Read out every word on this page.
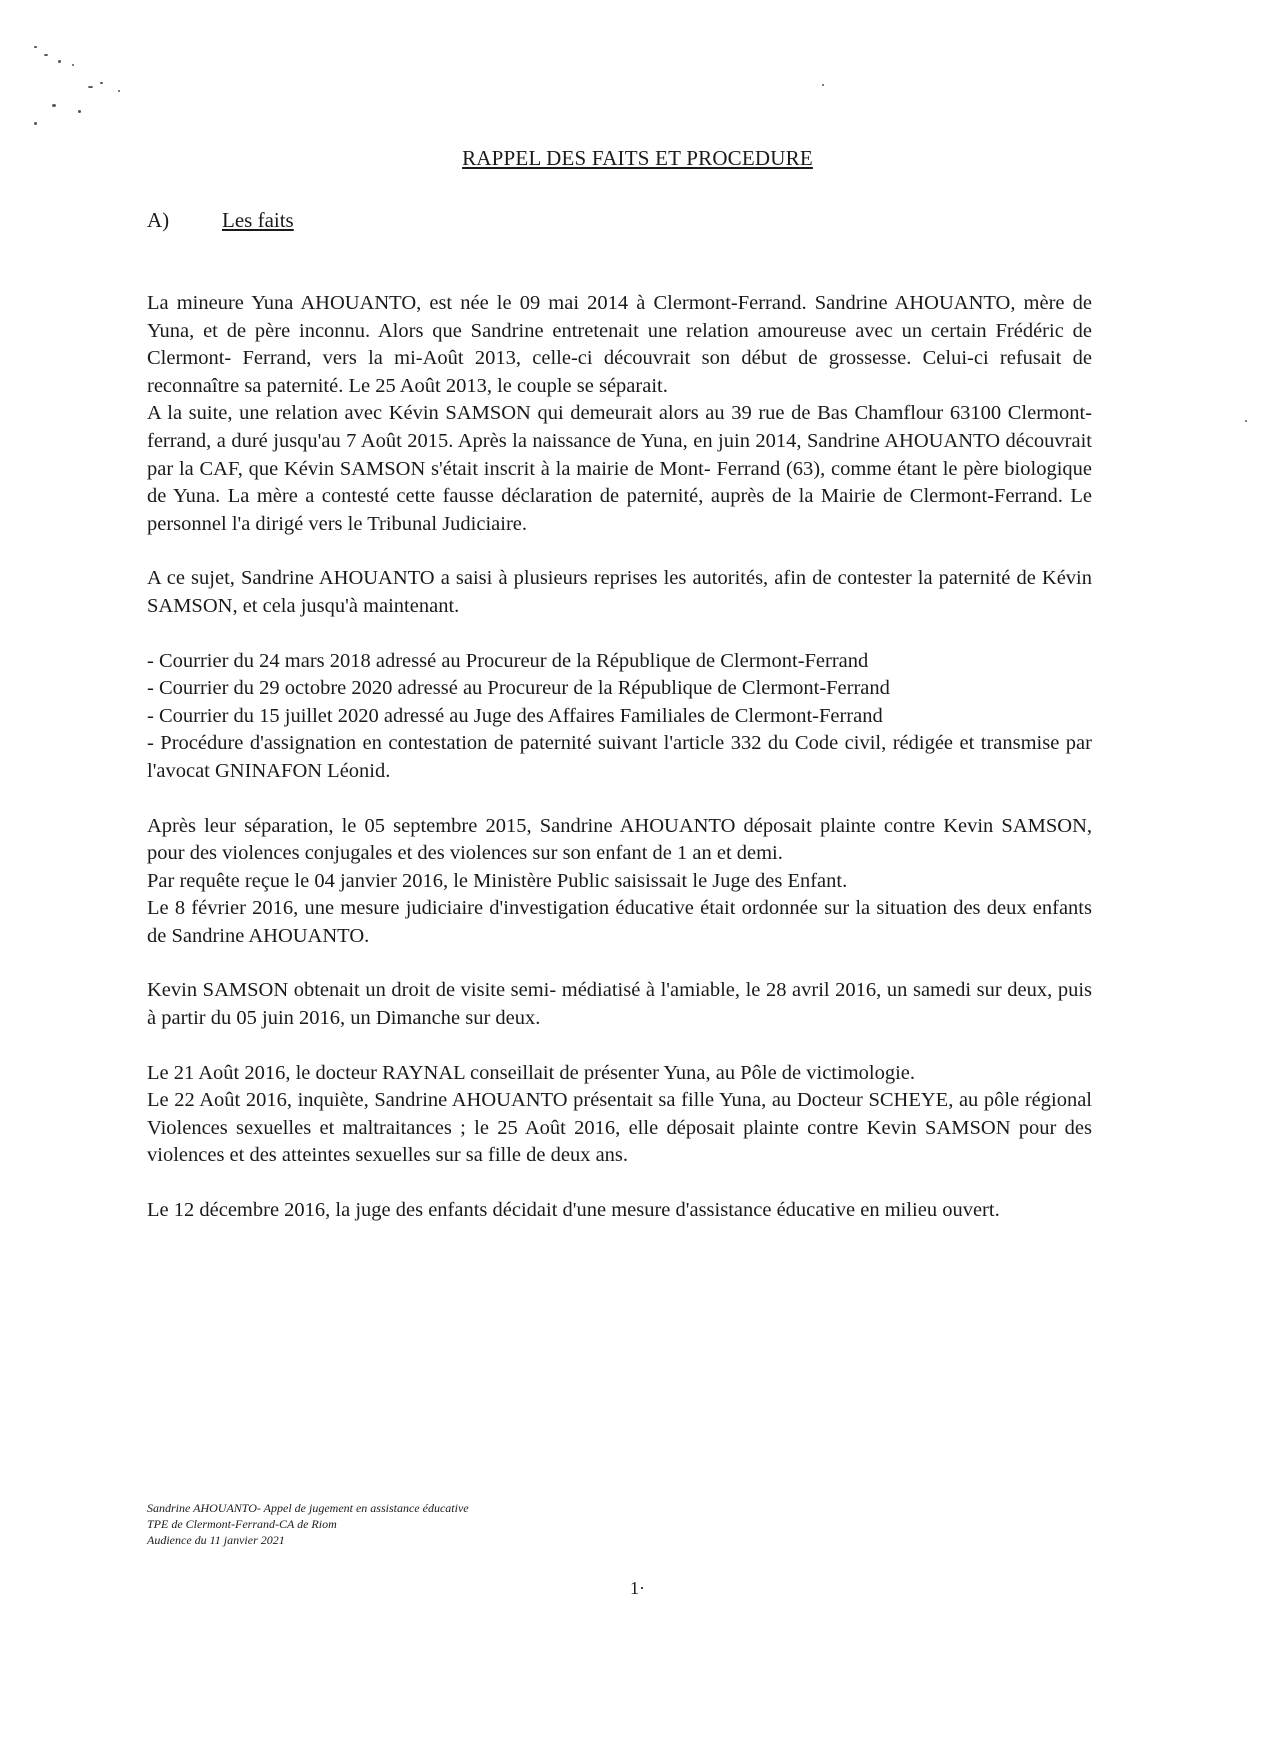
RAPPEL DES FAITS ET PROCEDURE
A)	Les faits

La mineure Yuna AHOUANTO, est née le 09 mai 2014 à Clermont-Ferrand. Sandrine AHOUANTO, mère de Yuna, et de père inconnu. Alors que Sandrine entretenait une relation amoureuse avec un certain Frédéric de Clermont- Ferrand, vers la mi-Août 2013, celle-ci découvrait son début de grossesse. Celui-ci refusait de reconnaître sa paternité. Le 25 Août 2013, le couple se séparait.

A la suite, une relation avec Kévin SAMSON qui demeurait alors au 39 rue de Bas Chamflour 63100 Clermont-ferrand, a duré jusqu'au 7 Août 2015. Après la naissance de Yuna, en juin 2014, Sandrine AHOUANTO découvrait par la CAF, que Kévin SAMSON s'était inscrit à la mairie de Mont- Ferrand (63), comme étant le père biologique de Yuna. La mère a contesté cette fausse déclaration de paternité, auprès de la Mairie de Clermont-Ferrand. Le personnel l'a dirigé vers le Tribunal Judiciaire.

A ce sujet, Sandrine AHOUANTO a saisi à plusieurs reprises les autorités, afin de contester la paternité de Kévin SAMSON, et cela jusqu'à maintenant.

- Courrier du 24 mars 2018 adressé au Procureur de la République de Clermont-Ferrand

- Courrier du 29 octobre 2020 adressé au Procureur de la République de Clermont-Ferrand

- Courrier du 15 juillet 2020 adressé au Juge des Affaires Familiales de Clermont-Ferrand

- Procédure d'assignation en contestation de paternité suivant l'article 332 du Code civil, rédigée et transmise par l'avocat GNINAFON Léonid.

Après leur séparation, le 05 septembre 2015, Sandrine AHOUANTO déposait plainte contre Kevin SAMSON, pour des violences conjugales et des violences sur son enfant de 1 an et demi.

Par requête reçue le 04 janvier 2016, le Ministère Public saisissait le Juge des Enfant.

Le 8 février 2016, une mesure judiciaire d'investigation éducative était ordonnée sur la situation des deux enfants de Sandrine AHOUANTO.

Kevin SAMSON obtenait un droit de visite semi- médiatisé à l'amiable, le 28 avril 2016, un samedi sur deux, puis à partir du 05 juin 2016, un Dimanche sur deux.

Le 21 Août 2016, le docteur RAYNAL conseillait de présenter Yuna, au Pôle de victimologie.

Le 22 Août 2016, inquiète, Sandrine AHOUANTO présentait sa fille Yuna, au Docteur SCHEYE, au pôle régional Violences sexuelles et maltraitances ; le 25 Août 2016, elle déposait plainte contre Kevin SAMSON pour des violences et des atteintes sexuelles sur sa fille de deux ans.

Le 12 décembre 2016, la juge des enfants décidait d'une mesure d'assistance éducative en milieu ouvert.

Sandrine AHOUANTO- Appel de jugement en assistance éducative
TPE de Clermont-Ferrand-CA de Riom
Audience du 11 janvier 2021
1·
